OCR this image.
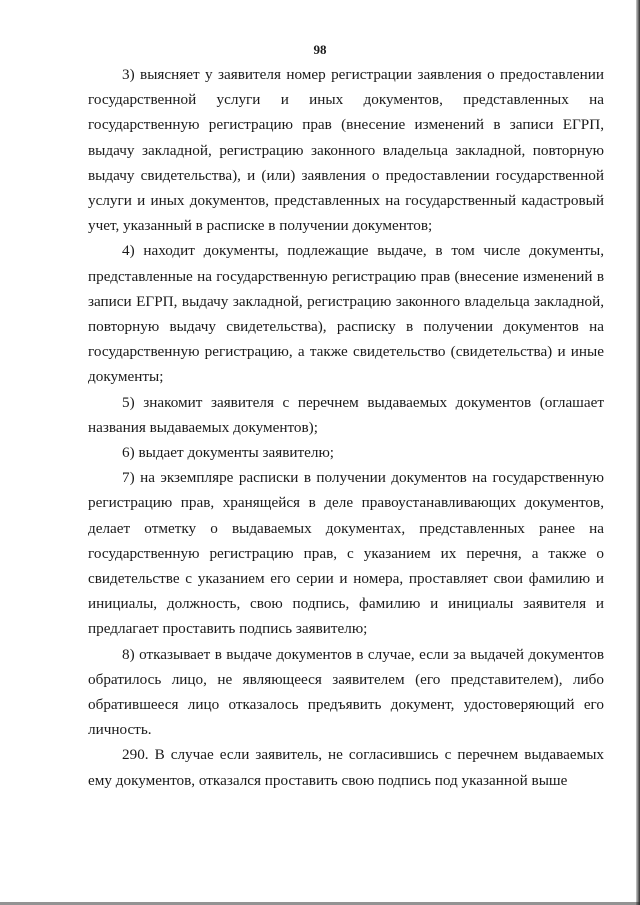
98

3) выясняет у заявителя номер регистрации заявления о предоставлении государственной услуги и иных документов, представленных на государственную регистрацию прав (внесение изменений в записи ЕГРП, выдачу закладной, регистрацию законного владельца закладной, повторную выдачу свидетельства), и (или) заявления о предоставлении государственной услуги и иных документов, представленных на государственный кадастровый учет, указанный в расписке в получении документов;

4) находит документы, подлежащие выдаче, в том числе документы, представленные на государственную регистрацию прав (внесение изменений в записи ЕГРП, выдачу закладной, регистрацию законного владельца закладной, повторную выдачу свидетельства), расписку в получении документов на государственную регистрацию, а также свидетельство (свидетельства) и иные документы;

5) знакомит заявителя с перечнем выдаваемых документов (оглашает названия выдаваемых документов);

6) выдает документы заявителю;

7) на экземпляре расписки в получении документов на государственную регистрацию прав, хранящейся в деле правоустанавливающих документов, делает отметку о выдаваемых документах, представленных ранее на государственную регистрацию прав, с указанием их перечня, а также о свидетельстве с указанием его серии и номера, проставляет свои фамилию и инициалы, должность, свою подпись, фамилию и инициалы заявителя и предлагает проставить подпись заявителю;

8) отказывает в выдаче документов в случае, если за выдачей документов обратилось лицо, не являющееся заявителем (его представителем), либо обратившееся лицо отказалось предъявить документ, удостоверяющий его личность.

290. В случае если заявитель, не согласившись с перечнем выдаваемых ему документов, отказался проставить свою подпись под указанной выше
